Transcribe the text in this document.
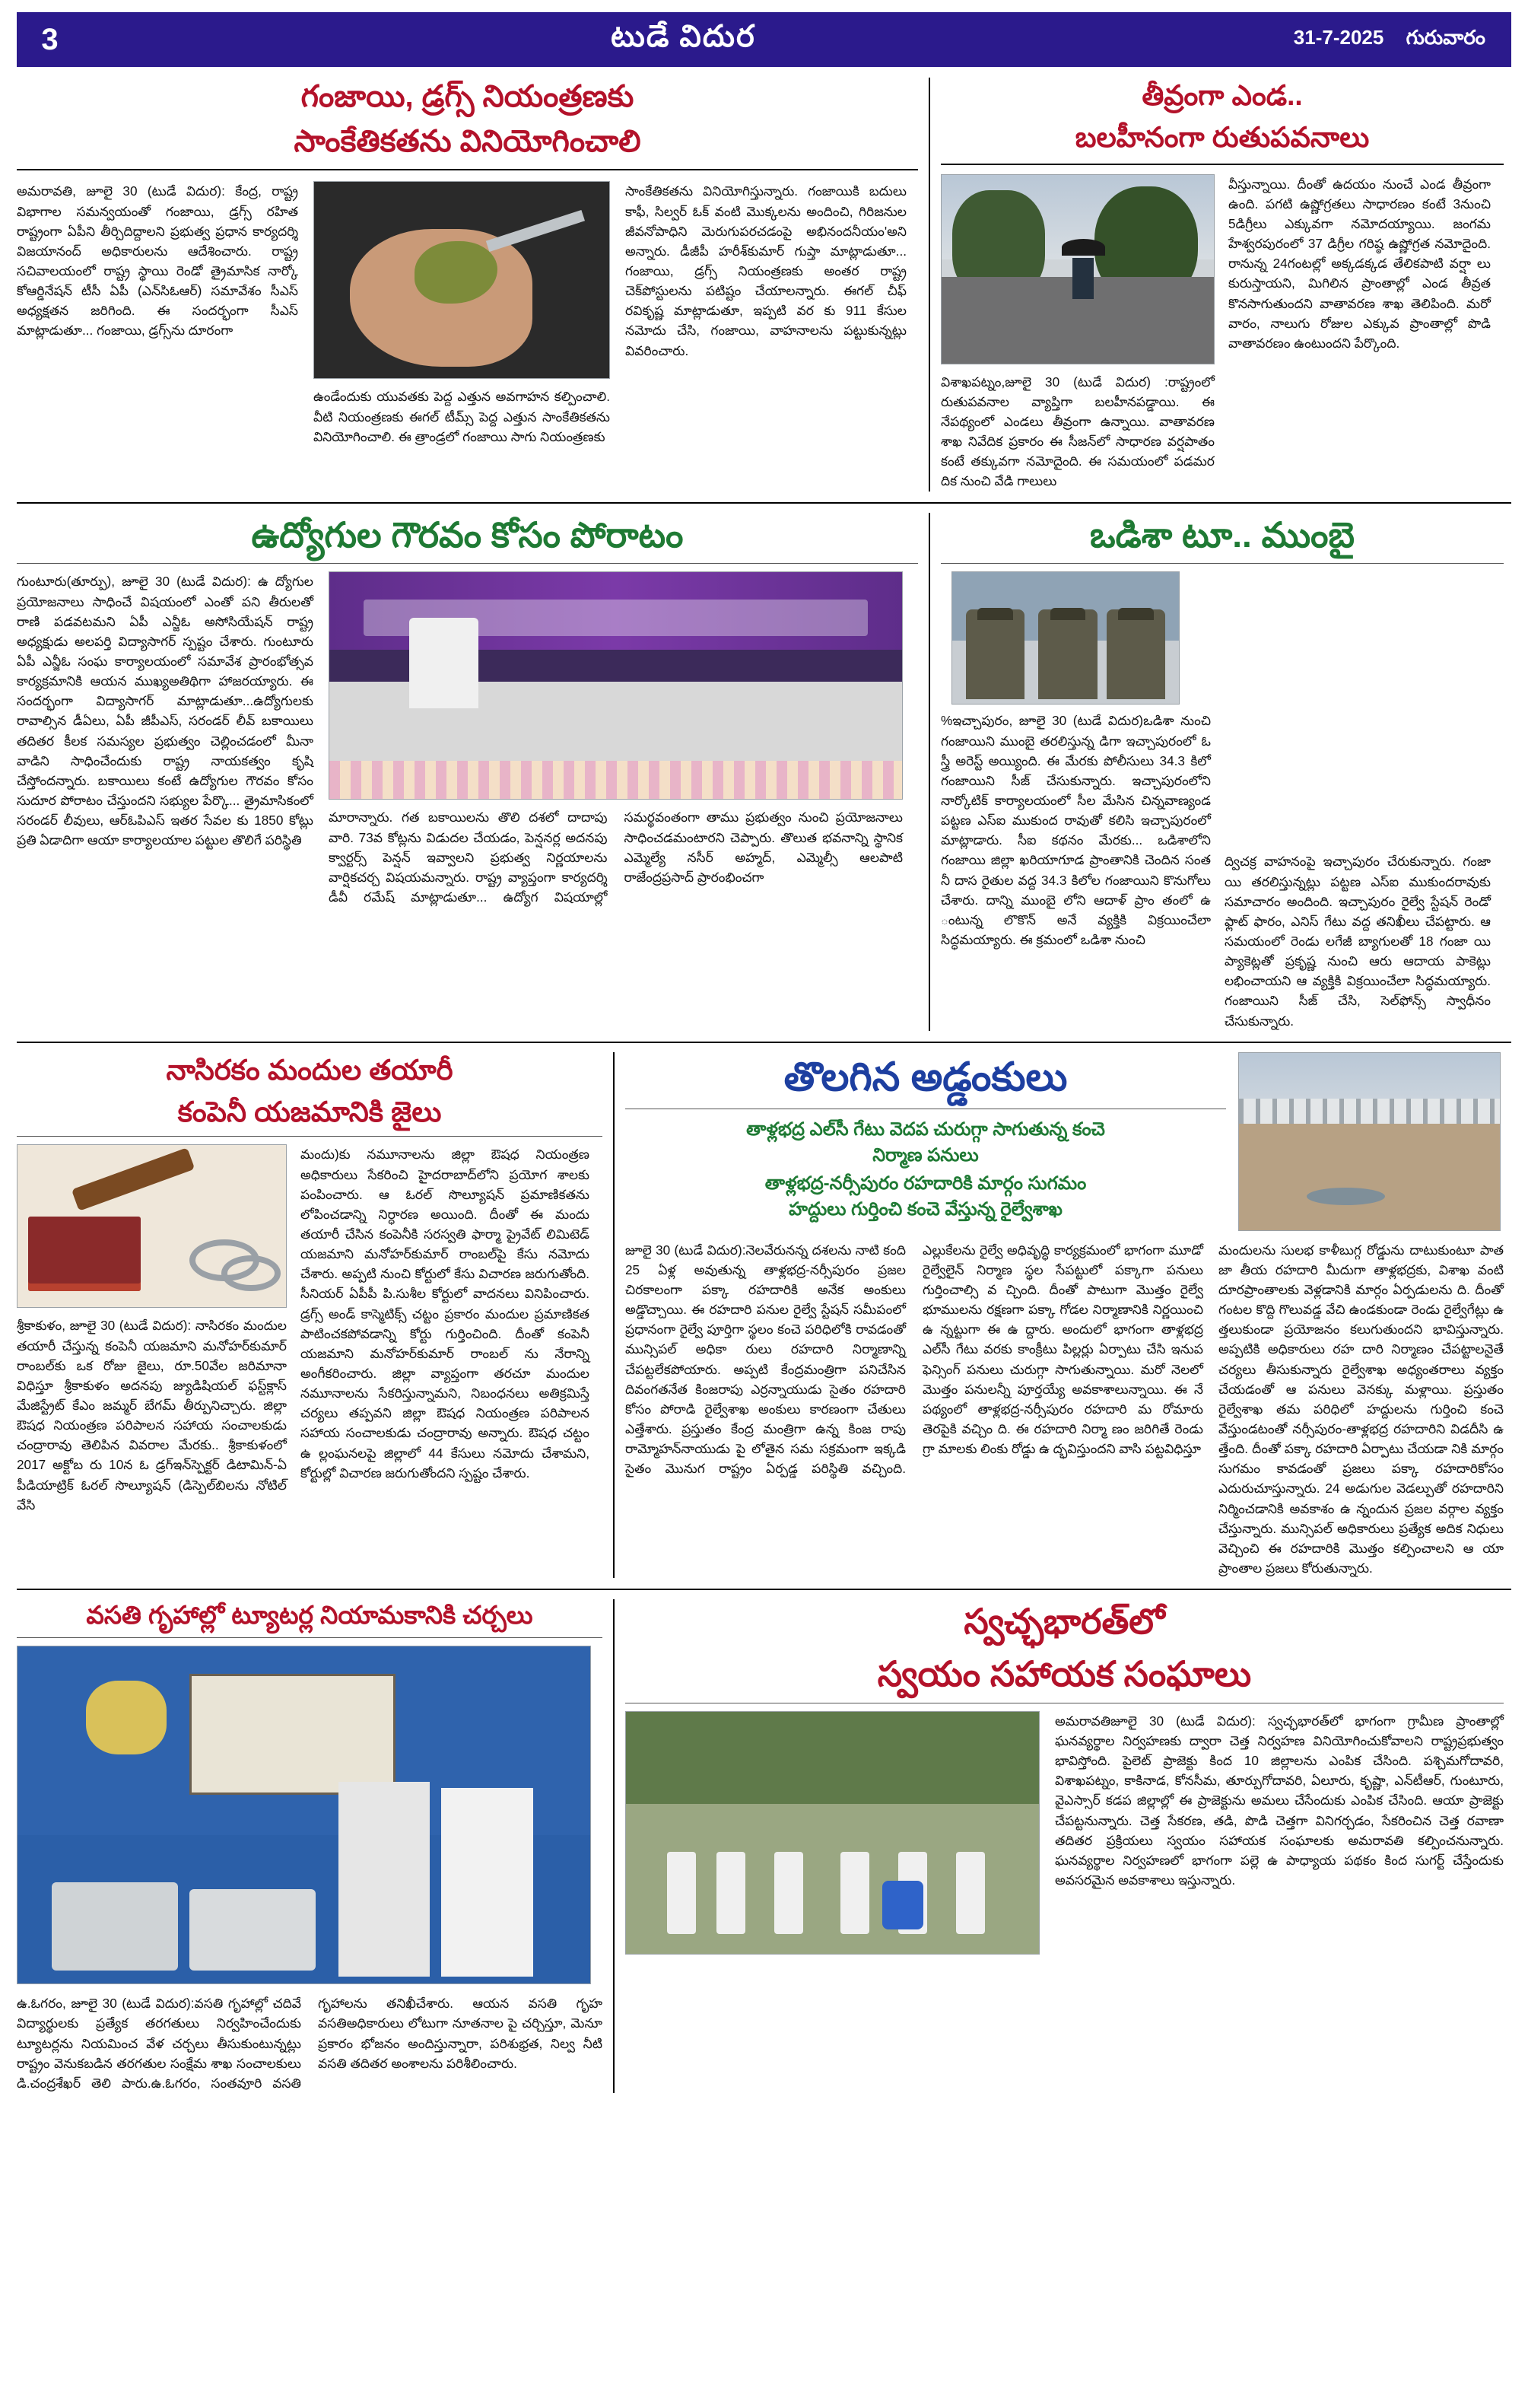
3	టుడే విదుర	31-7-2025 గురువారం
గంజాయి, డ్రగ్స్ నియంత్రణకు
సాంకేతికతను వినియోగించాలి
అమరావతి, జూలై 30 (టుడే విదుర): కేంద్ర, రాష్ట్ర విభాగాల సమన్వయంతో గంజాయి, డ్రగ్స్ రహిత రాష్ట్రంగా ఏపీని తీర్చిదిద్దాలని ప్రభుత్వ ప్రధాన కార్యదర్శి విజయానంద్ అధికారులను ఆదేశించారు. రాష్ట్ర సచివాలయంలో రాష్ట్ర స్థాయి రెండో త్రైమాసిక నార్కో కోఆర్డినేషన్ టీసీ ఏపీ (ఎన్‌సిఓఆర్) సమావేశం సీఎస్ అధ్యక్షతన జరిగింది. ఈ సందర్భంగా సీఎస్ మాట్లాడుతూ... గంజాయి, డ్రగ్స్‌ను దూరంగా
ఉండేందుకు యువతకు పెద్ద ఎత్తున అవగాహన కల్పించాలి. వీటి నియంత్రణకు ఈగల్ టీమ్స్ పెద్ద ఎత్తున సాంకేతికతను వినియోగించాలి. ఈ త్రాండ్రలో గంజాయి సాగు నియంత్రణకు
సాంకేతికతను వినియోగిస్తున్నారు. గంజాయికి బదులు కాఫీ, సిల్వర్ ఓక్ వంటి మొక్కలను అందించి, గిరిజనుల జీవనోపాధిని మెరుగుపరచడంపై అభినందనీయం'అని అన్నారు. డీజీపీ హరీశ్‌కుమార్ గుప్తా మాట్లాడుతూ... గంజాయి, డ్రగ్స్ నియంత్రణకు అంతర రాష్ట్ర చెక్‌పోస్టులను పటిష్టం చేయాలన్నారు. ఈగల్ చీఫ్ రవికృష్ణ మాట్లాడుతూ, ఇప్పటి వర కు 911 కేసుల నమోదు చేసి, గంజాయి, వాహనాలను పట్టుకున్నట్లు వివరించారు.
తీవ్రంగా ఎండ..
బలహీనంగా రుతుపవనాలు
విశాఖపట్నం,జూలై 30 (టుడే విదుర) :రాష్ట్రంలో రుతుపవనాల వ్యాప్తిగా బలహీనపడ్డాయి. ఈ నేపథ్యంలో ఎండలు తీవ్రంగా ఉన్నాయి. వాతావరణ శాఖ నివేదిక ప్రకారం ఈ సీజన్‌లో సాధారణ వర్షపాతం కంటే తక్కువగా నమోదైంది. ఈ సమయంలో పడమర దిక నుంచి వేడి గాలులు
వీస్తున్నాయి. దీంతో ఉదయం నుంచే ఎండ తీవ్రంగా ఉంది. పగటి ఉష్ణోగ్రతలు సాధారణం కంటే 3నుంచి 5డిగ్రీలు ఎక్కువగా నమోదయ్యాయి. జంగమ హేశ్వరపురంలో 37 డిగ్రీల గరిష్ఠ ఉష్ణోగ్రత నమోదైంది. రానున్న 24గంటల్లో అక్కడక్కడ తేలికపాటి వర్షా లు కురుస్తాయని, మిగిలిన ప్రాంతాల్లో ఎండ తీవ్రత కొనసాగుతుందని వాతావరణ శాఖ తెలిపింది. మరో వారం, నాలుగు రోజుల ఎక్కువ ప్రాంతాల్లో పొడి వాతావరణం ఉంటుందని పేర్కొంది.
ఉద్యోగుల గౌరవం కోసం పోరాటం
గుంటూరు(తూర్పు), జూలై 30 (టుడే విదుర): ఉ ద్యోగుల ప్రయోజనాలు సాధించే విషయంలో ఎంతో పని తీరులతో రాణి పడవటమని ఏపీ ఎన్జీఓ అసోసియేషన్ రాష్ట్ర అధ్యక్షుడు అలపర్తి విద్యాసాగర్ స్పష్టం చేశారు. గుంటూరు ఏపీ ఎన్జీఓ సంఘ కార్యాలయంలో సమావేశ ప్రారంభోత్సవ కార్యక్రమానికి ఆయన ముఖ్యఅతిథిగా హాజరయ్యారు. ఈ సందర్భంగా విద్యాసాగర్ మాట్లాడుతూ...ఉద్యోగులకు రావాల్సిన డీఏలు, ఏపీ జీపీఎస్, సరండర్ లీవ్ బకాయిలు తదితర కీలక సమస్యల ప్రభుత్వం చెల్లించడంలో మీనా వాడిని సాధించేందుకు రాష్ట్ర నాయకత్వం కృషి చేస్తోందన్నారు. బకాయిలు కంటే ఉద్యోగుల గౌరవం కోసం సుదూర పోరాటం చేస్తుందని సభ్యుల పేర్కొ... త్రైమాసికంలో సరండర్ లీవులు, ఆర్‌ఓపిఎస్ ఇతర సేవల కు 1850 కోట్లు ప్రతి ఏడాదిగా ఆయా కార్యాలయాల పట్టుల తొలిగే పరిస్థితి
మారాన్నారు. గత బకాయిలను తొలి దశలో దాదాపు వారి. 73వ కోట్లను విడుదల చేయడం, పెన్షనర్ల అదనపు క్వార్టర్స్ పెన్షన్ ఇవ్వాలని ప్రభుత్వ నిర్ణయాలను వార్షికచర్చ విషయమన్నారు. రాష్ట్ర వ్యాప్తంగా కార్యదర్శి డీవీ రమేష్ మాట్లాడుతూ... ఉద్యోగ విషయాల్లో సమర్థవంతంగా తాము ప్రభుత్వం నుంచి ప్రయోజనాలు సాధించడమంటారని చెప్పారు. తొలుత భవనాన్ని స్థానిక ఎమ్మెల్యే నసీర్ అహ్మద్, ఎమ్మెల్సీ ఆలపాటి రాజేంద్రప్రసాద్ ప్రారంభించగా
ఒడిశా టూ.. ముంబై
%ఇచ్చాపురం, జూలై 30 (టుడే విదుర)ఒడిశా నుంచి గంజాయిని ముంబై తరలిస్తున్న డిగా ఇచ్చాపురంలో ఓ స్త్రీ అరెస్ట్ అయ్యింది. ఈ మేరకు పోలీసులు 34.3 కిలో గంజాయిని సీజ్ చేసుకున్నారు. ఇచ్చాపురంలోని నార్కోటిక్ కార్యాలయంలో సీల మేసిన చిన్నవాణ్యండ పట్టణ ఎస్ఐ ముకుంద రావుతో కలిసి ఇచ్చాపురంలో మాట్లాడారు. సీఐ కథనం మేరకు... ఒడిశాలోని గంజాయి జిల్లా ఖరియాగూడ ప్రాంతానికి చెందిన సంత నీ దాస రైతుల వద్ద 34.3 కిలోల గంజాయిని కొనుగోలు చేశారు. దాన్ని ముంబై లోని ఆదాళ్ ప్రాం తంలో ఉ ంటున్న లొకొన్ అనే వ్యక్తికి విక్రయించేలా సిద్ధమయ్యారు. ఈ క్రమంలో ఒడిశా నుంచి
ద్విచక్ర వాహనంపై ఇచ్చాపురం చేరుకున్నారు. గంజా యి తరలిస్తున్నట్లు పట్టణ ఎస్ఐ ముకుందరావుకు సమాచారం అందింది. ఇచ్చాపురం రైల్వే స్టేషన్ రెండో ఫ్లాట్ ఫారం, ఎనిస్ గేటు వద్ద తనిఖీలు చేపట్టారు. ఆ సమయంలో రెండు లగేజీ బ్యాగులతో 18 గంజా యి ప్యాకెట్లతో ప్రకృష్ణ నుంచి ఆరు ఆదాయ పాకెట్లు లభించాయని ఆ వ్యక్తికి విక్రయించేలా సిద్ధమయ్యారు. గంజాయిని సీజ్ చేసి, సెల్‌ఫోన్స్ స్వాధీనం చేసుకున్నారు.
నాసిరకం మందుల తయారీ
కంపెనీ యజమానికి జైలు
శ్రీకాకుళం, జూలై 30 (టుడే విదుర): నాసిరకం మందుల తయారీ చేస్తున్న కంపెనీ యజమాని మనోహర్‌కుమార్ రాంబల్‌కు ఒక రోజు జైలు, రూ.50వేల జరిమానా విధిస్తూ శ్రీకాకుళం అదనపు జ్యుడిషియల్ ఫస్ట్‌క్లాస్ మేజిస్ట్రేట్ కేఎం జమ్మర్ బేగమ్ తీర్పునిచ్చారు. జిల్లా ఔషధ నియంత్రణ పరిపాలన సహాయ సంచాలకుడు చంద్రారావు తెలిపిన వివరాల మేరకు.. శ్రీకాకుళంలో 2017 అక్టోబ రు 10న ఓ డ్రగ్‌ఇన్‌స్పెక్టర్ డిటామిన్-ఏ పీడియాట్రిక్ ఓరల్ సొల్యూషన్ (డిస్పెల్‌బిలను నోటిల్ వేసి
మందు)కు నమూనాలను జిల్లా ఔషధ నియంత్రణ అధికారులు సేకరించి హైదరాబాద్‌లోని ప్రయోగ శాలకు పంపించారు. ఆ ఓరల్ సొల్యూషన్ ప్రమాణికతను లోపించడాన్ని నిర్ధారణ అయింది. దీంతో ఈ మందు తయారీ చేసిన కంపెనీకి సరస్వతి ఫార్మా ప్రైవేట్ లిమిటెడ్ యజమాని మనోహర్‌కుమార్ రాంబల్‌పై కేసు నమోదు చేశారు. అప్పటి నుంచి కోర్టులో కేసు విచారణ జరుగుతోంది. సీనియర్ ఏపీపీ పి.సుశీల కోర్టులో వాదనలు వినిపించారు. డ్రగ్స్ అండ్ కాస్మెటిక్స్ చట్టం ప్రకారం మందుల ప్రమాణికత పాటించకపోవడాన్ని కోర్టు గుర్తించింది. దీంతో కంపెనీ యజమాని మనోహర్‌కుమార్ రాంబల్ ను నేరాన్ని అంగీకరించారు. జిల్లా వ్యాప్తంగా తరచూ మందుల నమూనాలను సేకరిస్తున్నామని, నిబంధనలు అతిక్రమిస్తే చర్యలు తప్పవని జిల్లా ఔషధ నియంత్రణ పరిపాలన సహాయ సంచాలకుడు చంద్రారావు అన్నారు. ఔషధ చట్టం ఉ ల్లంఘనలపై జిల్లాలో 44 కేసులు నమోదు చేశామని, కోర్టుల్లో విచారణ జరుగుతోందని స్పష్టం చేశారు.
తొలగిన అడ్డంకులు
తాళ్లభద్ర ఎల్‌సీ గేటు వెదప చురుగ్గా సాగుతున్న కంచె
నిర్మాణ పనులు
తాళ్లభద్ర-నర్సీపురం రహదారికి మార్గం సుగమం
హద్దులు గుర్తించి కంచె వేస్తున్న రైల్వేశాఖ
జూలై 30 (టుడే విదుర):నెలవేరునన్న దశలను నాటి కంది 25 ఏళ్ల అవుతున్న తాళ్లభద్ర-నర్సీపురం ప్రజల చిరకాలంగా పక్కా రహదారికి అనేక అంకులు అడ్డొచ్చాయి. ఈ రహదారి పనుల రైల్వే స్టేషన్ సమీపంలో ప్రధానంగా రైల్వే పూర్తిగా స్థలం కంచె పరిధిలోకి రావడంతో మున్సిపల్ అధికా రులు రహదారి నిర్మాణాన్ని చేపట్టలేకపోయారు. అప్పటి కేంద్రమంత్రిగా పనిచేసిన దివంగతనేత కింజరాపు ఎర్రన్నాయుడు సైతం రహదారి కోసం పోరాడి రైల్వేశాఖ అంకులు కారణంగా చేతులు ఎత్తేశారు. ప్రస్తుతం కేంద్ర మంత్రిగా ఉన్న కింజ రాపు రామ్మోహన్‌నాయుడు పై లోతైన సమ సక్రమంగా ఇక్కడి సైతం మొనుగ రాష్ట్రం ఏర్పడ్డ పరిస్థితి వచ్చింది. ఎల్లుకేలను రైల్వే అధివృద్ధి కార్యక్రమంలో భాగంగా మూడో రైల్వేలైన్ నిర్మాణ స్థల సేపట్టులో పక్కాగా పనులు గుర్తించాల్సి వ చ్చింది. దీంతో పాటుగా మొత్తం రైల్వే భూములను రక్షణగా పక్కా గోడల నిర్మాణానికి నిర్ణయించి ఉ న్నట్టుగా ఈ ఉ ద్దారు. అందులో భాగంగా తాళ్లభద్ర ఎల్‌సీ గేటు వరకు కాంక్రీటు పిల్లర్లు ఏర్పాటు చేసి ఇనుప ఫెన్సింగ్ పనులు చురుగ్గా సాగుతున్నాయి. మరో నెలలో మొత్తం పనులన్నీ పూర్తయ్యే అవకాశాలున్నాయి. ఈ నే పథ్యంలో తాళ్లభద్ర-నర్సీపురం రహదారి మ రోమారు తెరపైకి వచ్చిం ది. ఈ రహదారి నిర్మా ణం జరిగితే రెండు గ్రా మాలకు లింకు రోడ్డు ఉ ద్భవిస్తుందని వాసి పట్టవిధిస్తూ
మందులను సులభ కాళీబుగ్గ రోడ్డును దాటుకుంటూ పాత జా తీయ రహదారి మీదుగా తాళ్లభద్రకు, విశాఖ వంటి దూరప్రాంతాలకు వెళ్లడానికి మార్గం ఏర్పడులను ది. దీంతో గంటల కొద్ది గొలువడ్డ వేచి ఉండకుండా రెండు రైల్వేగేట్లు ఉ త్తలుకుండా ప్రయోజనం కలుగుతుందని భావిస్తున్నారు. అప్పటికి అధికారులు రహ దారి నిర్మాణం చేపట్టాలనైతే చర్యలు తీసుకున్నారు రైల్వేశాఖ అధ్యంతరాలు వ్యక్తం చేయడంతో ఆ పనులు వెనక్కు మళ్లాయి. ప్రస్తుతం రైల్వేశాఖ తమ పరిధిలో హద్దులను గుర్తించి కంచె వేస్తుండటంతో నర్సీపురం-తాళ్లభద్ర రహదారిని విడదీసి ఉ త్తేంది. దీంతో పక్కా రహదారి ఏర్పాటు చేయడా నికి మార్గం సుగమం కావడంతో ప్రజలు పక్కా రహదారికోసం ఎదురుచూస్తున్నారు. 24 అడుగుల వెడల్పుతో రహదారిని నిర్మించడానికి అవకాశం ఉ న్నందున ప్రజల వర్గాల వ్యక్తం చేస్తున్నారు. మున్సిపల్ అధికారులు ప్రత్యేక అదిక నిధులు వెచ్చించి ఈ రహదారికి మొత్తం కల్పించాలని ఆ యా ప్రాంతాల ప్రజలు కోరుతున్నారు.
వసతి గృహాల్లో ట్యూటర్ల నియామకానికి చర్చలు
ఉ.ఓగరం, జూలై 30 (టుడే విదుర):వసతి గృహాల్లో చదివే విద్యార్థులకు ప్రత్యేక తరగతులు నిర్వహించేందుకు ట్యూటర్లను నియమించ వేళ చర్చలు తీసుకుంటున్నట్లు రాష్ట్రం వెనుకబడిన తరగతుల సంక్షేమ శాఖ సంచాలకులు డి.చంద్రశేఖర్ తెలి పారు.ఉ.ఓగరం, సంతవూరి వసతి గృహాలను తనిఖీచేశారు. ఆయన వసతి గృహ వసతిఅధికారులు లోటుగా నూతనాల పై చర్చిస్తూ, మెనూ ప్రకారం భోజనం అందిస్తున్నారా, పరిశుభ్రత, నిల్వ నీటి వసతి తదితర అంశాలను పరిశీలించారు.
స్వచ్ఛభారత్‌లో
స్వయం సహాయక సంఘాలు
అమరావతిజూలై 30 (టుడే విదుర): స్వచ్ఛభారత్‌లో భాగంగా గ్రామీణ ప్రాంతాల్లో ఘనవ్యర్థాల నిర్వహణకు ద్వారా చెత్త నిర్వహణ వినియోగించుకోవాలని రాష్ట్రప్రభుత్వం భావిస్తోంది. పైలెట్ ప్రాజెక్టు కింద 10 జిల్లాలను ఎంపిక చేసింది. పశ్చిమగోదావరి, విశాఖపట్నం, కాకినాడ, కోనసీమ, తూర్పుగోదావరి, ఏలూరు, కృష్ణా, ఎన్‌టీఆర్, గుంటూరు, వైఎస్సార్ కడప జిల్లాల్లో ఈ ప్రాజెక్టును అమలు చేసేందుకు ఎంపిక చేసింది. ఆయా ప్రాజెక్టు చేపట్టనున్నారు. చెత్త సేకరణ, తడి, పొడి చెత్తగా వినిగర్చడం, సేకరించిన చెత్త రవాణా తదితర ప్రక్రియలు స్వయం సహాయక సంఘాలకు అమరావతి కల్పించనున్నారు. ఘనవ్యర్థాల నిర్వహణలో భాగంగా పల్లె ఉ పాధ్యాయ పథకం కింద సుగర్ట్ చేస్తేందుకు అవసరమైన అవకాశాలు ఇస్తున్నారు.
